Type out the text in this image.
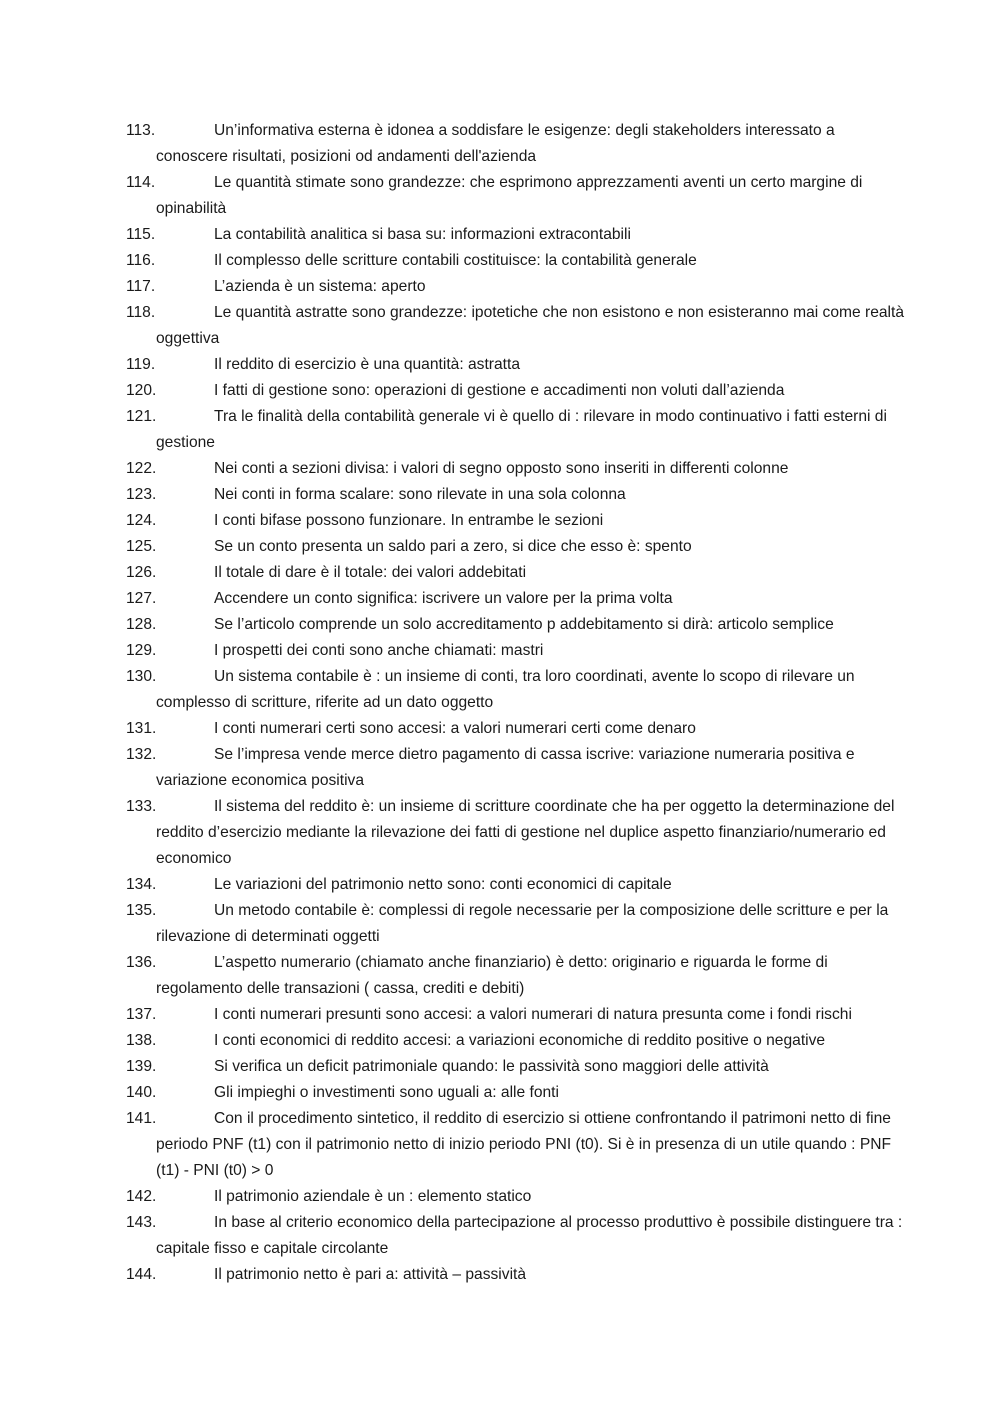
113.	Un’informativa esterna è idonea a soddisfare le esigenze: degli stakeholders interessato a conoscere risultati, posizioni od andamenti dell'azienda
114.	Le quantità stimate sono grandezze: che esprimono apprezzamenti aventi un certo margine di opinabilità
115.	La contabilità analitica si basa su: informazioni extracontabili
116.	Il complesso delle scritture contabili costituisce: la contabilità generale
117.	L’azienda è un sistema: aperto
118.	Le quantità astratte sono grandezze: ipotetiche che non esistono e non esisteranno mai come realtà oggettiva
119.	Il reddito di esercizio è una quantità: astratta
120.	I fatti di gestione sono: operazioni di gestione e accadimenti non voluti dall’azienda
121.	Tra le finalità della contabilità generale vi è quello di : rilevare in modo continuativo i fatti esterni di gestione
122.	Nei conti a sezioni divisa: i valori di segno opposto sono inseriti in differenti colonne
123.	Nei conti in forma scalare: sono rilevate in una sola colonna
124.	I conti bifase possono funzionare. In entrambe le sezioni
125.	Se un conto presenta un saldo pari a zero, si dice che esso è: spento
126.	Il totale di dare è il totale: dei valori addebitati
127.	Accendere un conto significa: iscrivere un valore per la prima volta
128.	Se l’articolo comprende un solo accreditamento p addebitamento si dirà: articolo semplice
129.	I prospetti dei conti sono anche chiamati: mastri
130.	Un sistema contabile è : un insieme di conti, tra loro coordinati, avente lo scopo di rilevare un complesso di scritture, riferite ad un dato oggetto
131.	I conti numerari certi sono accesi: a valori numerari certi come denaro
132.	Se l’impresa vende merce dietro pagamento di cassa iscrive: variazione numeraria positiva e variazione economica positiva
133.	Il sistema del reddito è: un insieme di scritture coordinate che ha per oggetto la determinazione del reddito d’esercizio mediante la rilevazione dei fatti di gestione nel duplice aspetto finanziario/numerario ed economico
134.	Le variazioni del patrimonio netto sono: conti economici di capitale
135.	Un metodo contabile è: complessi di regole necessarie per la composizione delle scritture e per la rilevazione di determinati oggetti
136.	L’aspetto numerario (chiamato anche finanziario) è detto: originario e riguarda le forme di regolamento delle transazioni ( cassa, crediti e debiti)
137.	I conti numerari presunti sono accesi: a valori numerari di natura presunta come i fondi rischi
138.	I conti economici di reddito accesi: a variazioni economiche di reddito positive o negative
139.	Si verifica un deficit patrimoniale quando: le passività sono maggiori delle attività
140.	Gli impieghi o investimenti sono uguali a: alle fonti
141.	Con il procedimento sintetico, il reddito di esercizio si ottiene confrontando il patrimoni netto di fine periodo PNF (t1) con il patrimonio netto di inizio periodo PNI (t0). Si è in presenza di un utile quando : PNF (t1) - PNI (t0) > 0
142.	Il patrimonio aziendale è un : elemento statico
143.	In base al criterio economico della partecipazione al processo produttivo è possibile distinguere tra : capitale fisso e capitale circolante
144.	Il patrimonio netto è pari a: attività – passività
